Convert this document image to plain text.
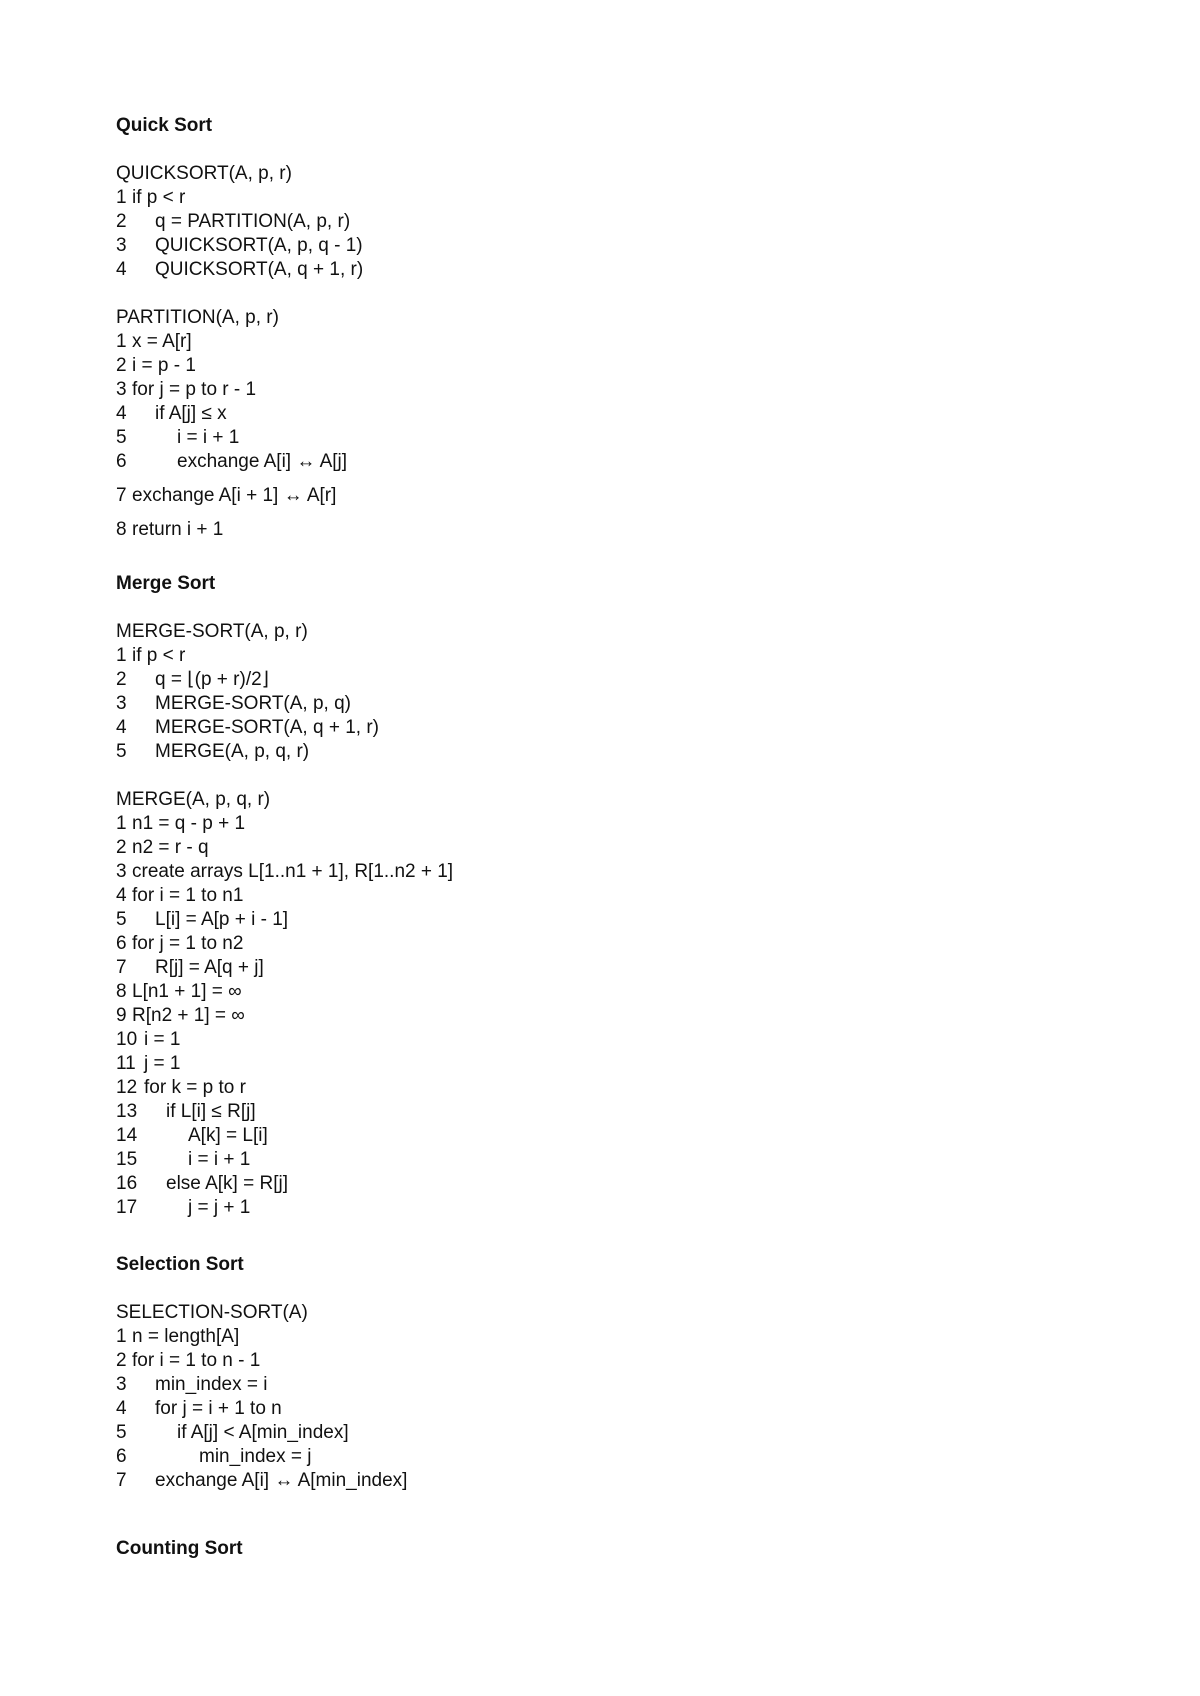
Quick Sort
QUICKSORT(A, p, r)
1 if p < r
2 q = PARTITION(A, p, r)
3 QUICKSORT(A, p, q - 1)
4 QUICKSORT(A, q + 1, r)
PARTITION(A, p, r)
1 x = A[r]
2 i = p - 1
3 for j = p to r - 1
4 if A[j] ≤ x
5	i = i + 1
6	exchange A[i] ↔ A[j]
7 exchange A[i + 1] ↔ A[r]
8 return i + 1
Merge Sort
MERGE-SORT(A, p, r)
1 if p < r
2 q = ⌊(p + r)/2⌋
3 MERGE-SORT(A, p, q)
4 MERGE-SORT(A, q + 1, r)
5 MERGE(A, p, q, r)
MERGE(A, p, q, r)
1 n1 = q - p + 1
2 n2 = r - q
3 create arrays L[1..n1 + 1], R[1..n2 + 1]
4 for i = 1 to n1
5 L[i] = A[p + i - 1]
6 for j = 1 to n2
7 R[j] = A[q + j]
8 L[n1 + 1] = ∞
9 R[n2 + 1] = ∞
10 i = 1
11 j = 1
12 for k = p to r
13 if L[i] ≤ R[j]
14	A[k] = L[i]
15	i = i + 1
16 else A[k] = R[j]
17	j = j + 1
Selection Sort
SELECTION-SORT(A)
1 n = length[A]
2 for i = 1 to n - 1
3 min_index = i
4 for j = i + 1 to n
5	if A[j] < A[min_index]
6	min_index = j
7 exchange A[i] ↔ A[min_index]
Counting Sort
